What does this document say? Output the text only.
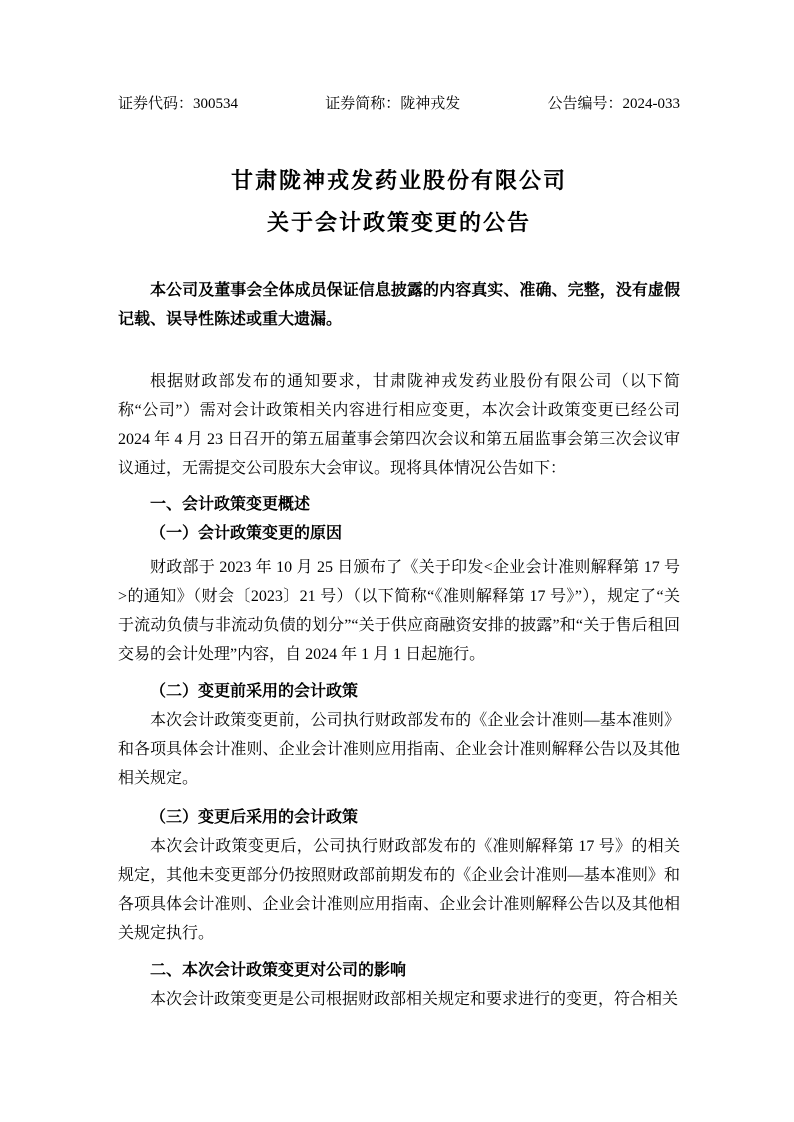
证券代码：300534	证券简称：陇神戎发	公告编号：2024-033
甘肃陇神戎发药业股份有限公司
关于会计政策变更的公告

本公司及董事会全体成员保证信息披露的内容真实、准确、完整，没有虚假记载、误导性陈述或重大遗漏。

根据财政部发布的通知要求，甘肃陇神戎发药业股份有限公司（以下简称“公司”）需对会计政策相关内容进行相应变更，本次会计政策变更已经公司 2024 年 4 月 23 日召开的第五届董事会第四次会议和第五届监事会第三次会议审议通过，无需提交公司股东大会审议。现将具体情况公告如下：

一、会计政策变更概述

（一）会计政策变更的原因

财政部于 2023 年 10 月 25 日颁布了《关于印发<企业会计准则解释第 17 号>的通知》（财会〔2023〕21 号）（以下简称“《准则解释第 17 号》”），规定了“关于流动负债与非流动负债的划分”“关于供应商融资安排的披露”和“关于售后租回交易的会计处理”内容，自 2024 年 1 月 1 日起施行。

（二）变更前采用的会计政策

本次会计政策变更前，公司执行财政部发布的《企业会计准则—基本准则》和各项具体会计准则、企业会计准则应用指南、企业会计准则解释公告以及其他相关规定。

（三）变更后采用的会计政策

本次会计政策变更后，公司执行财政部发布的《准则解释第 17 号》的相关规定，其他未变更部分仍按照财政部前期发布的《企业会计准则—基本准则》和各项具体会计准则、企业会计准则应用指南、企业会计准则解释公告以及其他相关规定执行。

二、本次会计政策变更对公司的影响

本次会计政策变更是公司根据财政部相关规定和要求进行的变更，符合相关
